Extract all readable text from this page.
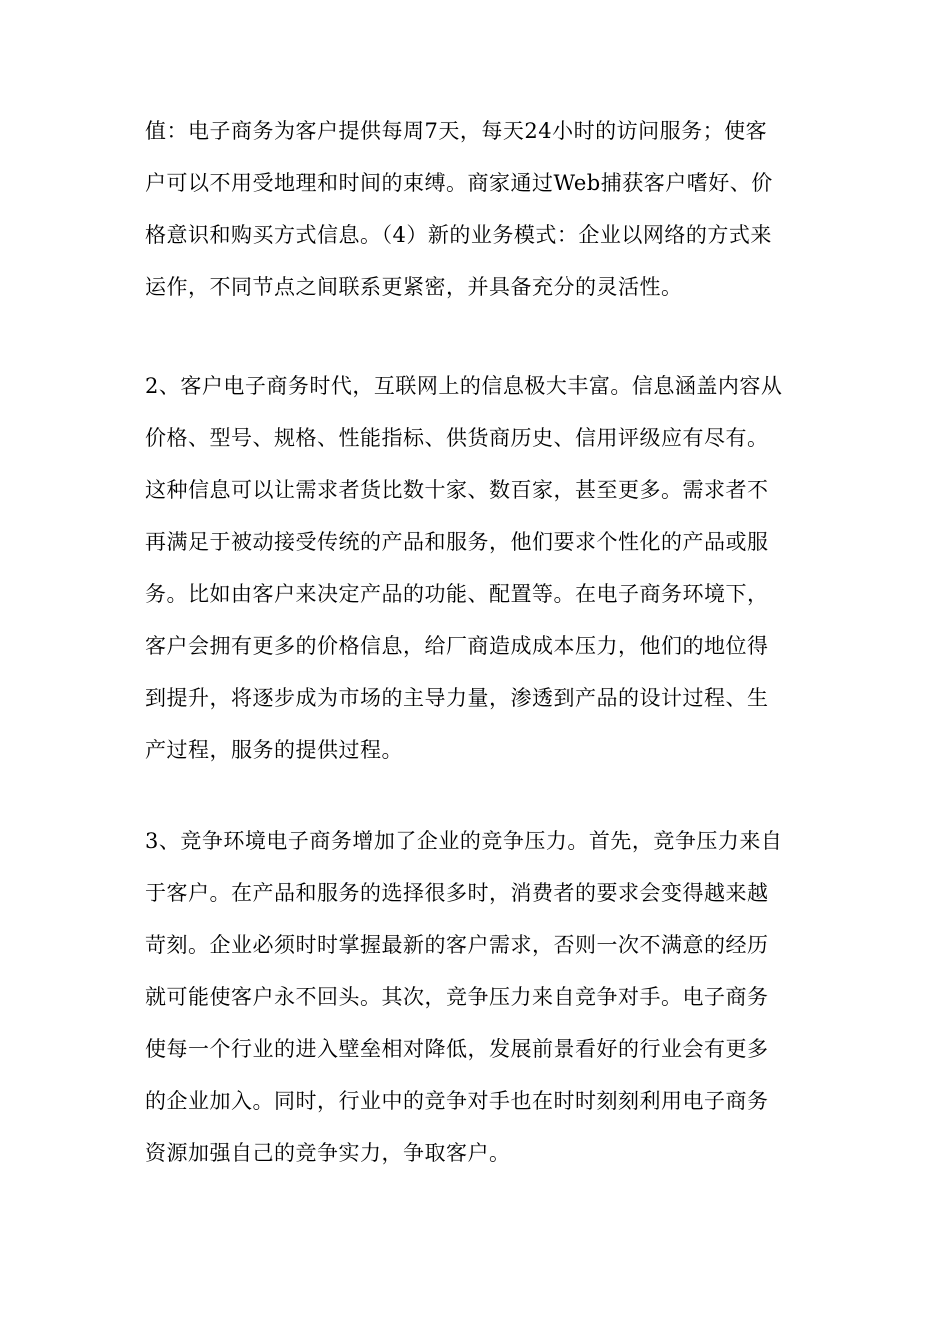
值：电子商务为客户提供每周7天，每天24小时的访问服务；使客
户可以不用受地理和时间的束缚。商家通过Web捕获客户嗜好、价
格意识和购买方式信息。（4）新的业务模式：企业以网络的方式来
运作，不同节点之间联系更紧密，并具备充分的灵活性。
2、客户电子商务时代，互联网上的信息极大丰富。信息涵盖内容从
价格、型号、规格、性能指标、供货商历史、信用评级应有尽有。
这种信息可以让需求者货比数十家、数百家，甚至更多。需求者不
再满足于被动接受传统的产品和服务，他们要求个性化的产品或服
务。比如由客户来决定产品的功能、配置等。在电子商务环境下，
客户会拥有更多的价格信息，给厂商造成成本压力，他们的地位得
到提升，将逐步成为市场的主导力量，渗透到产品的设计过程、生
产过程，服务的提供过程。
3、竞争环境电子商务增加了企业的竞争压力。首先，竞争压力来自
于客户。在产品和服务的选择很多时，消费者的要求会变得越来越
苛刻。企业必须时时掌握最新的客户需求，否则一次不满意的经历
就可能使客户永不回头。其次，竞争压力来自竞争对手。电子商务
使每一个行业的进入壁垒相对降低，发展前景看好的行业会有更多
的企业加入。同时，行业中的竞争对手也在时时刻刻利用电子商务
资源加强自己的竞争实力，争取客户。
